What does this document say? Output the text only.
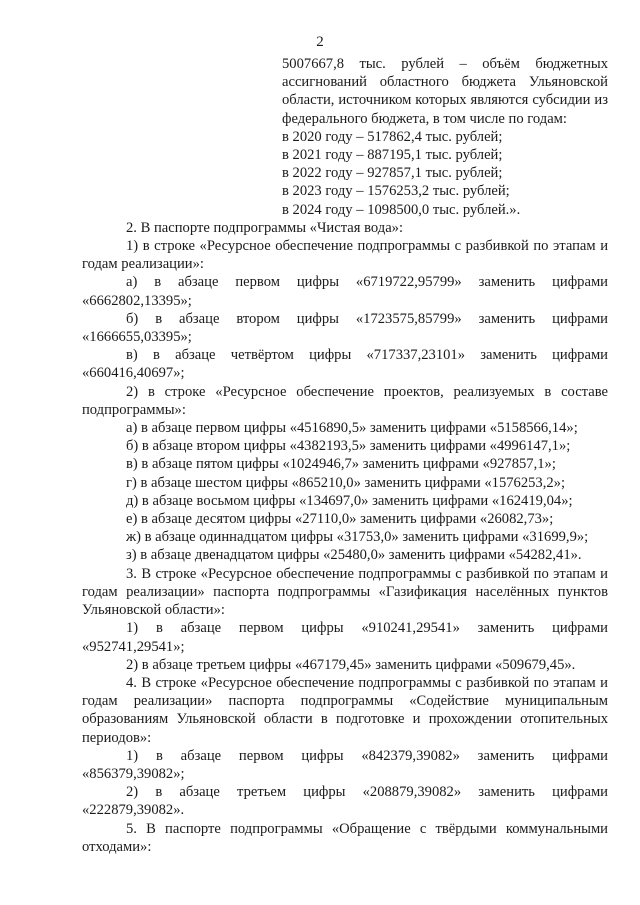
2

5007667,8 тыс. рублей – объём бюджетных ассигнований областного бюджета Ульяновской области, источником которых являются субсидии из федерального бюджета, в том числе по годам:

в 2020 году – 517862,4 тыс. рублей;

в 2021 году – 887195,1 тыс. рублей;

в 2022 году – 927857,1 тыс. рублей;

в 2023 году – 1576253,2 тыс. рублей;

в 2024 году – 1098500,0 тыс. рублей.».

2. В паспорте подпрограммы «Чистая вода»:

1) в строке «Ресурсное обеспечение подпрограммы с разбивкой по этапам и годам реализации»:

а) в абзаце первом цифры «6719722,95799» заменить цифрами «6662802,13395»;

б) в абзаце втором цифры «1723575,85799» заменить цифрами «1666655,03395»;

в) в абзаце четвёртом цифры «717337,23101» заменить цифрами «660416,40697»;

2) в строке «Ресурсное обеспечение проектов, реализуемых в составе подпрограммы»:

а) в абзаце первом цифры «4516890,5» заменить цифрами «5158566,14»;

б) в абзаце втором цифры «4382193,5» заменить цифрами «4996147,1»;

в) в абзаце пятом цифры «1024946,7» заменить цифрами «927857,1»;

г) в абзаце шестом цифры «865210,0» заменить цифрами «1576253,2»;

д) в абзаце восьмом цифры «134697,0» заменить цифрами «162419,04»;

е) в абзаце десятом цифры «27110,0» заменить цифрами «26082,73»;

ж) в абзаце одиннадцатом цифры «31753,0» заменить цифрами «31699,9»;

з) в абзаце двенадцатом цифры «25480,0» заменить цифрами «54282,41».

3. В строке «Ресурсное обеспечение подпрограммы с разбивкой по этапам и годам реализации» паспорта подпрограммы «Газификация населённых пунктов Ульяновской области»:

1) в абзаце первом цифры «910241,29541» заменить цифрами «952741,29541»;

2) в абзаце третьем цифры «467179,45» заменить цифрами «509679,45».

4. В строке «Ресурсное обеспечение подпрограммы с разбивкой по этапам и годам реализации» паспорта подпрограммы «Содействие муниципальным образованиям Ульяновской области в подготовке и прохождении отопительных периодов»:

1) в абзаце первом цифры «842379,39082» заменить цифрами «856379,39082»;

2) в абзаце третьем цифры «208879,39082» заменить цифрами «222879,39082».

5. В паспорте подпрограммы «Обращение с твёрдыми коммунальными отходами»:
